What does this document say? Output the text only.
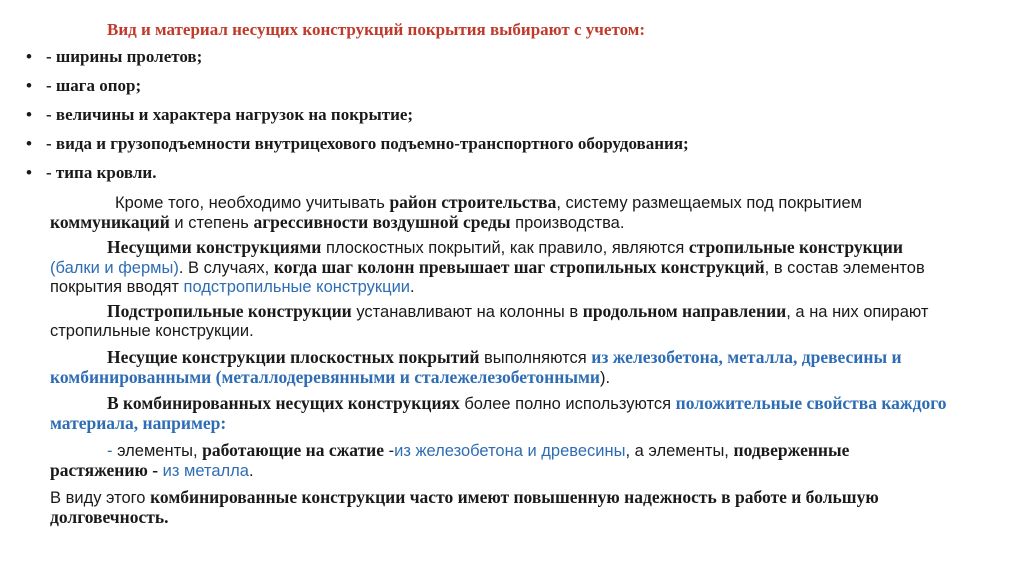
Вид и материал несущих конструкций покрытия выбирают с учетом:
• - ширины пролетов;
• - шага опор;
• - величины и характера нагрузок на покрытие;
• - вида и грузоподъемности внутрицехового подъемно-транспортного оборудования;
• - типа кровли.
Кроме того, необходимо учитывать район строительства, систему размещаемых под покрытием коммуникаций и степень агрессивности воздушной среды производства.
Несущими конструкциями плоскостных покрытий, как правило, являются стропильные конструкции (балки и фермы). В случаях, когда шаг колонн превышает шаг стропильных конструкций, в состав элементов покрытия вводят подстропильные конструкции.
Подстропильные конструкции устанавливают на колонны в продольном направлении, а на них опирают стропильные конструкции.
Несущие конструкции плоскостных покрытий выполняются из железобетона, металла, древесины и комбинированными (металлодеревянными и сталежелезобетонными).
В комбинированных несущих конструкциях более полно используются положительные свойства каждого материала, например:
- элементы, работающие на сжатие -из железобетона и древесины, а элементы, подверженные растяжению - из металла.
В виду этого комбинированные конструкции часто имеют повышенную надежность в работе и большую долговечность.
